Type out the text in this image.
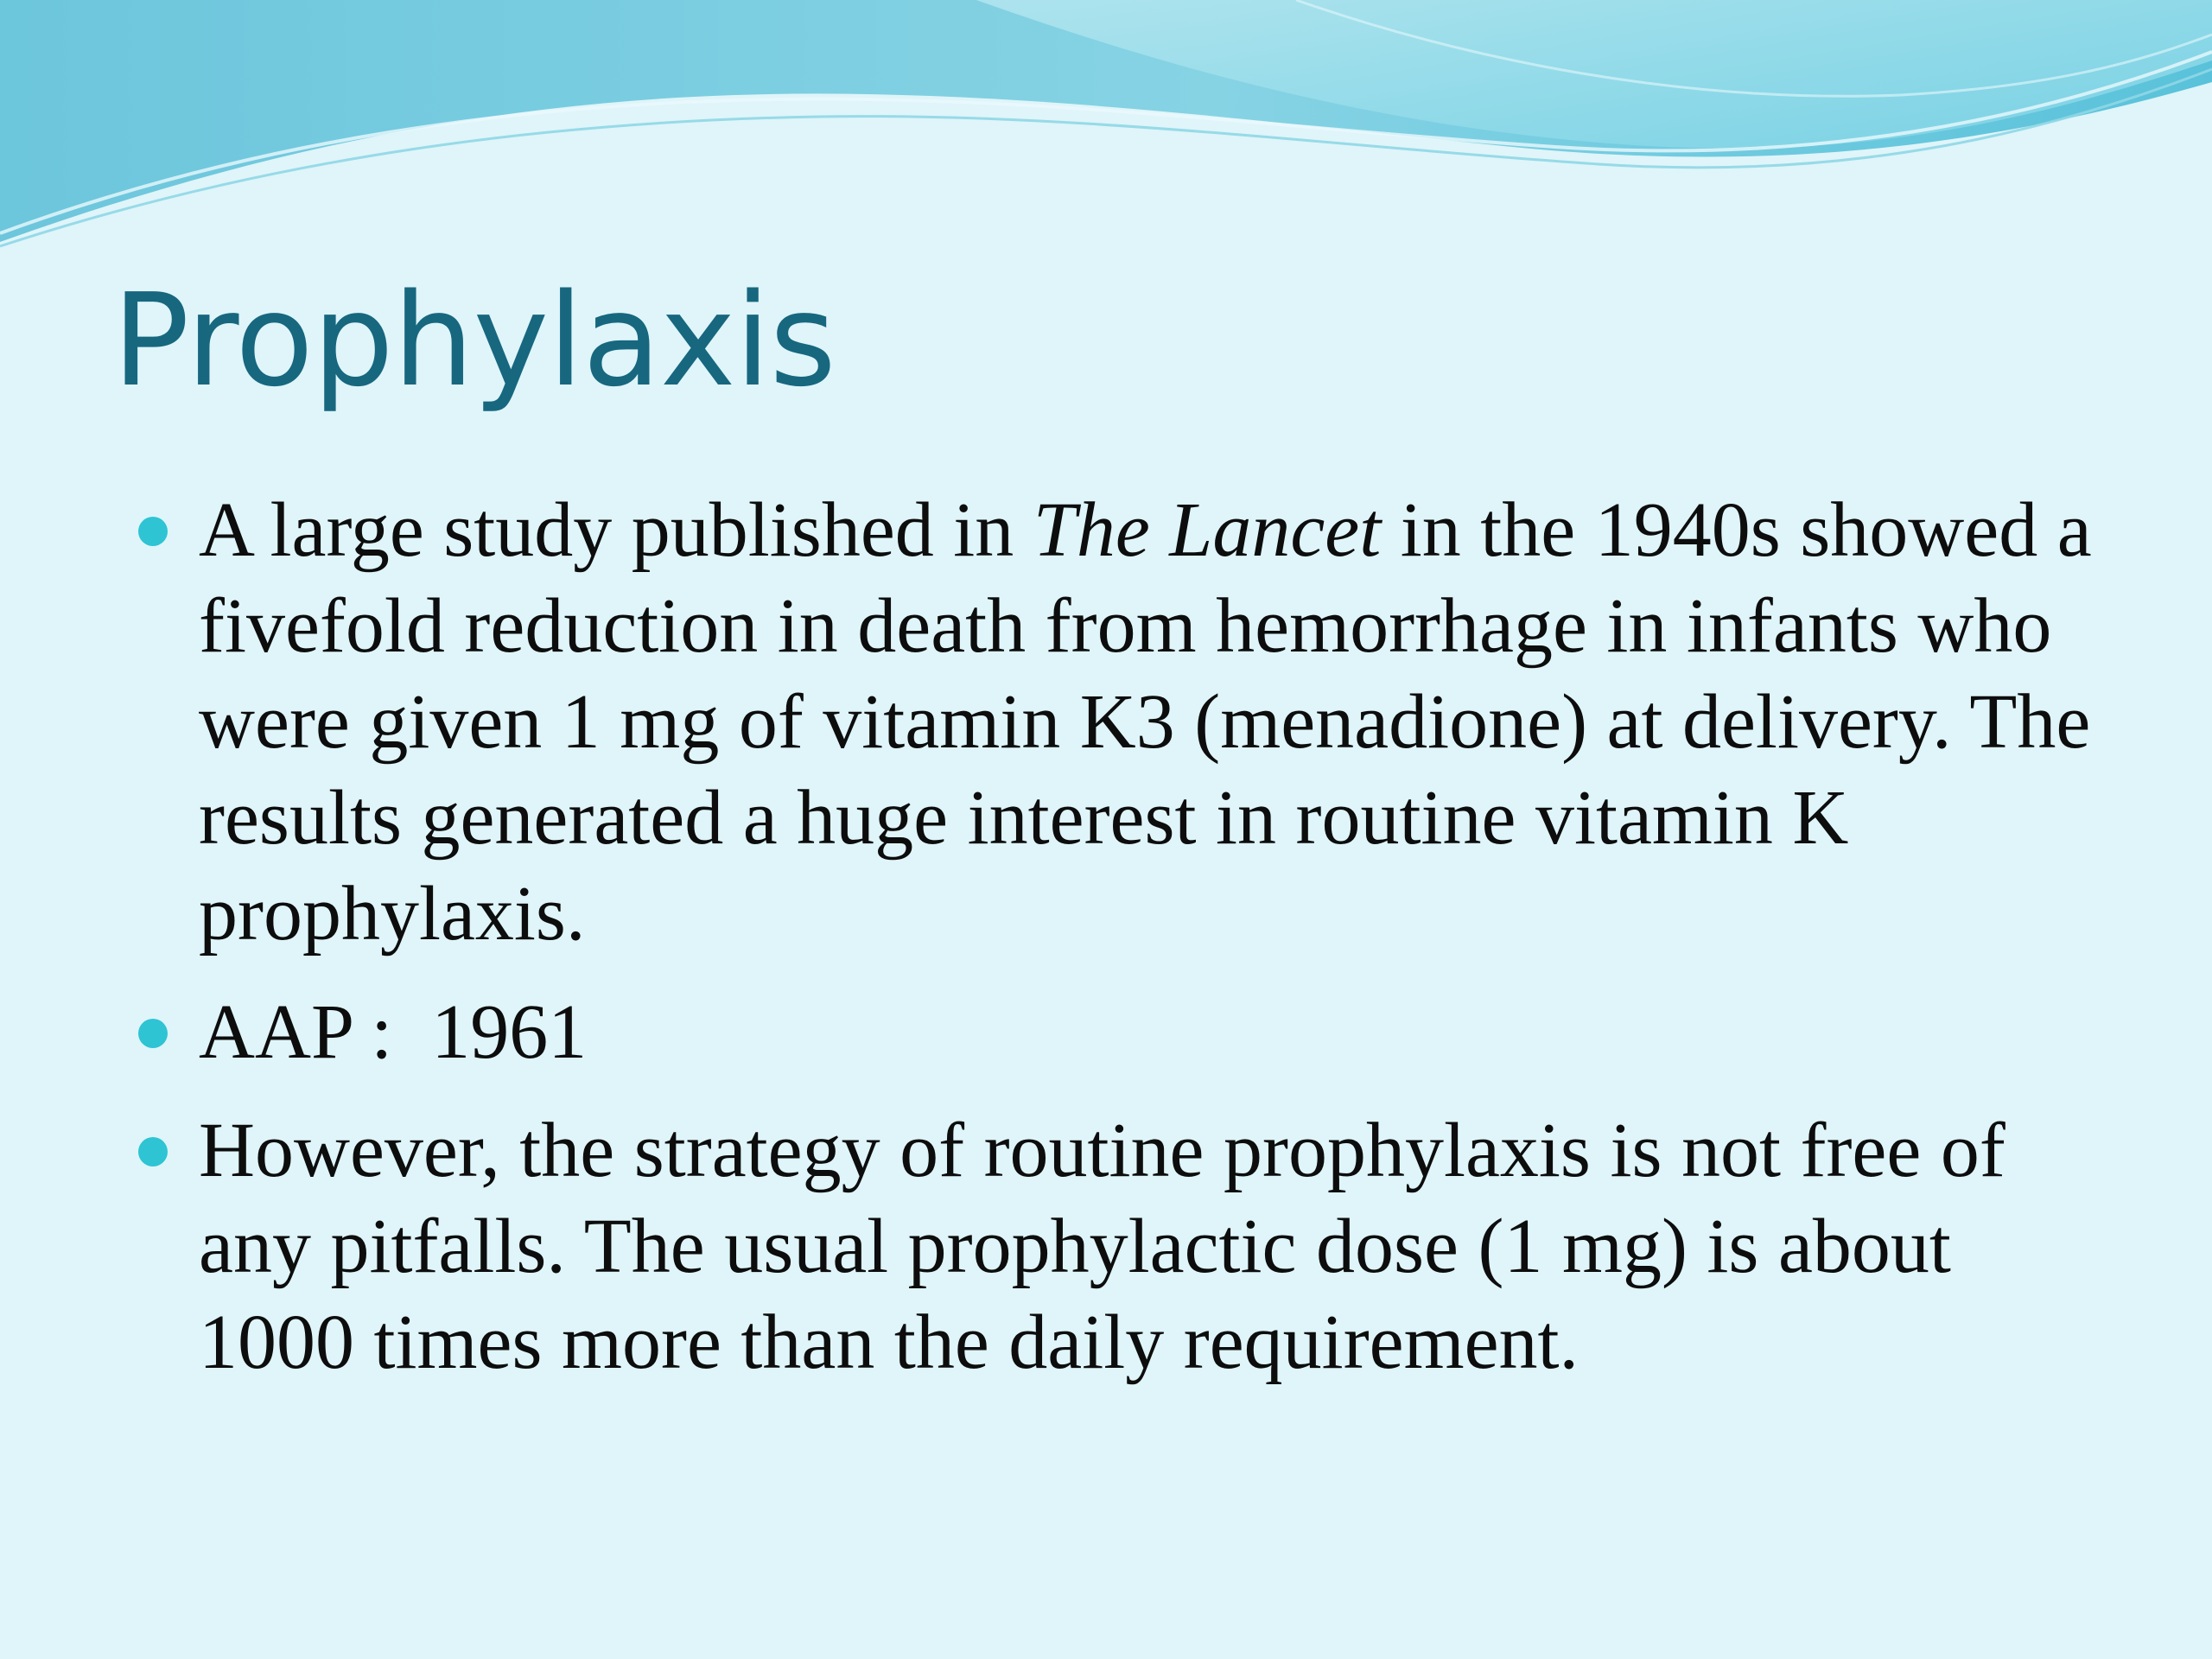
Prophylaxis
A large study published in The Lancet in the 1940s showed a fivefold reduction in death from hemorrhage in infants who were given 1 mg of vitamin K3 (menadione) at delivery. The results generated a huge interest in routine vitamin K prophylaxis.
AAP :  1961
However, the strategy of routine prophylaxis is not free of any pitfalls. The usual prophylactic dose (1 mg) is about 1000 times more than the daily requirement.
